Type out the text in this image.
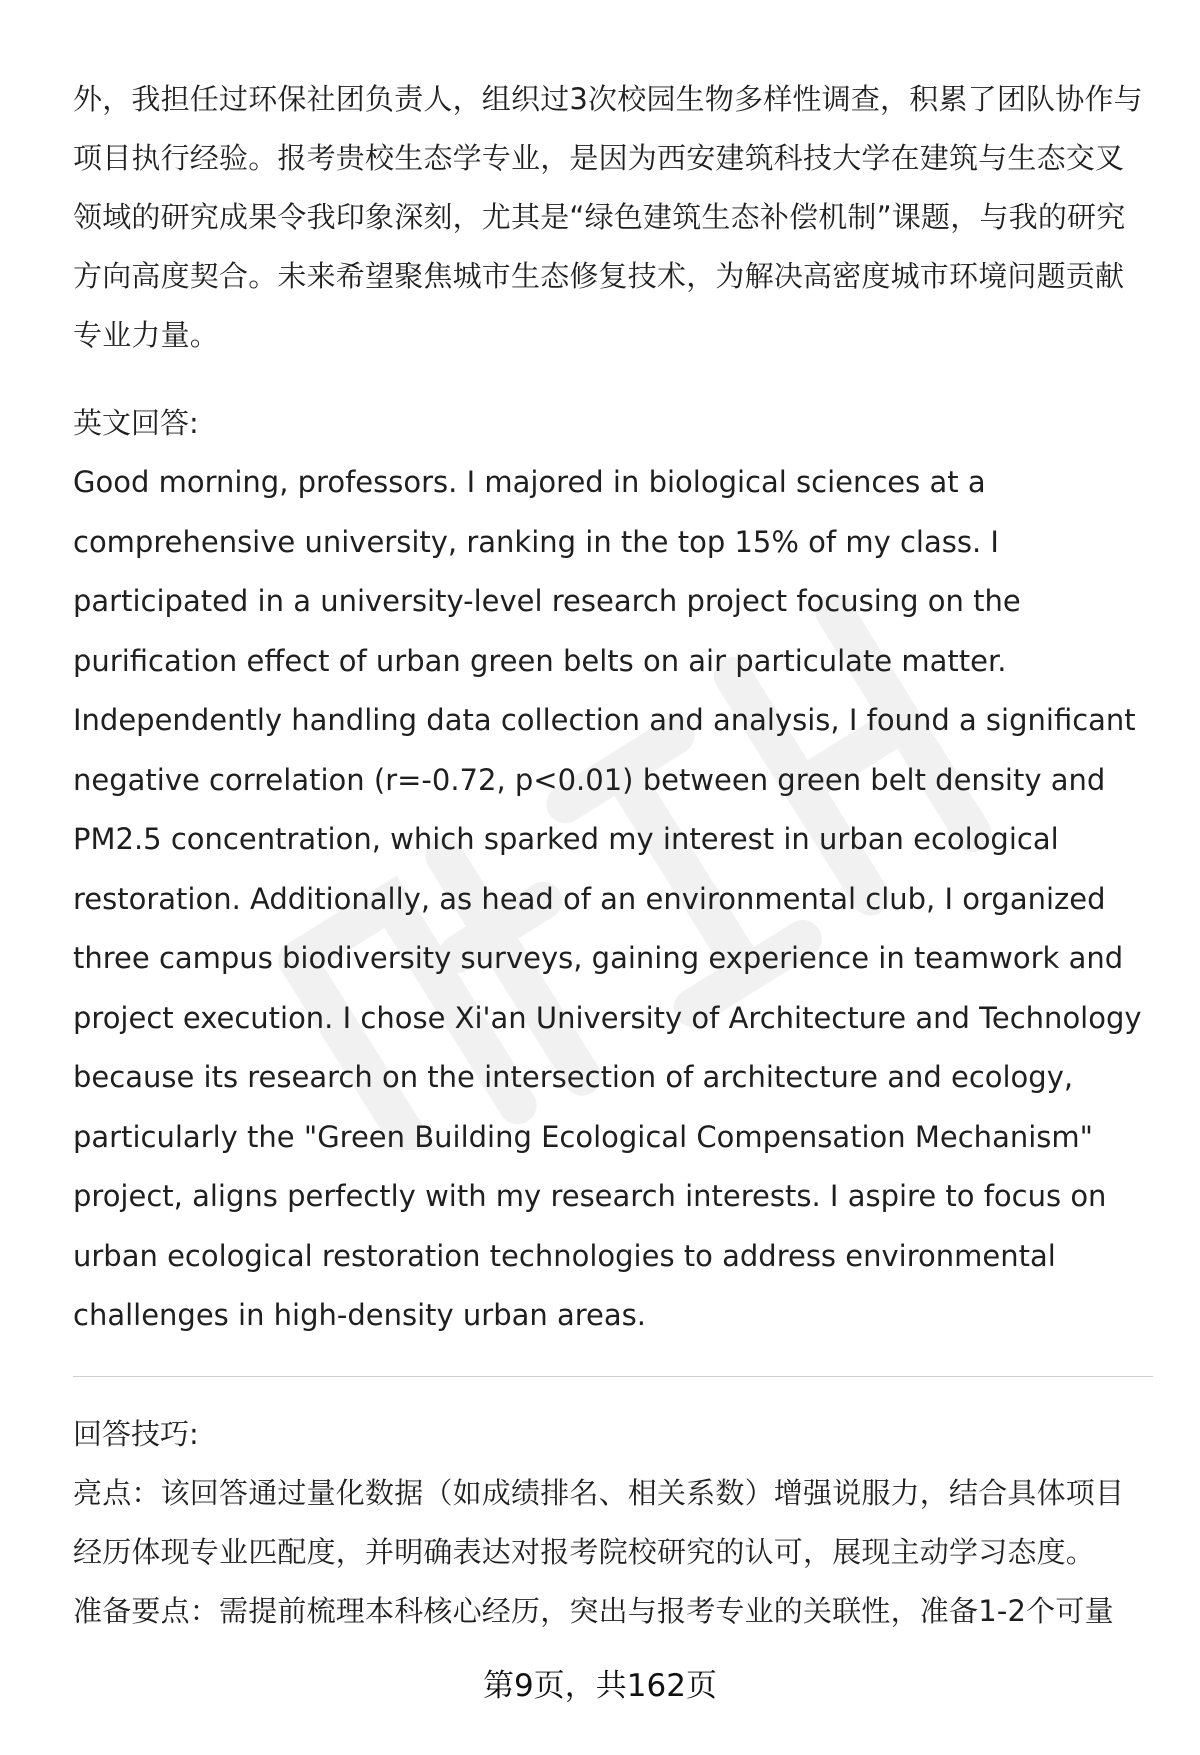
外，我担任过环保社团负责人，组织过3次校园生物多样性调查，积累了团队协作与项目执行经验。报考贵校生态学专业，是因为西安建筑科技大学在建筑与生态交叉领域的研究成果令我印象深刻，尤其是“绿色建筑生态补偿机制”课题，与我的研究方向高度契合。未来希望聚焦城市生态修复技术，为解决高密度城市环境问题贡献专业力量。

英文回答:

Good morning, professors. I majored in biological sciences at a comprehensive university, ranking in the top 15% of my class. I participated in a university-level research project focusing on the purification effect of urban green belts on air particulate matter. Independently handling data collection and analysis, I found a significant negative correlation (r=-0.72, p<0.01) between green belt density and PM2.5 concentration, which sparked my interest in urban ecological restoration. Additionally, as head of an environmental club, I organized three campus biodiversity surveys, gaining experience in teamwork and project execution. I chose Xi'an University of Architecture and Technology because its research on the intersection of architecture and ecology, particularly the "Green Building Ecological Compensation Mechanism" project, aligns perfectly with my research interests. I aspire to focus on urban ecological restoration technologies to address environmental challenges in high-density urban areas.

回答技巧:

亮点：该回答通过量化数据（如成绩排名、相关系数）增强说服力，结合具体项目经历体现专业匹配度，并明确表达对报考院校研究的认可，展现主动学习态度。

准备要点：需提前梳理本科核心经历，突出与报考专业的关联性，准备1-2个可量

第9页，共162页
